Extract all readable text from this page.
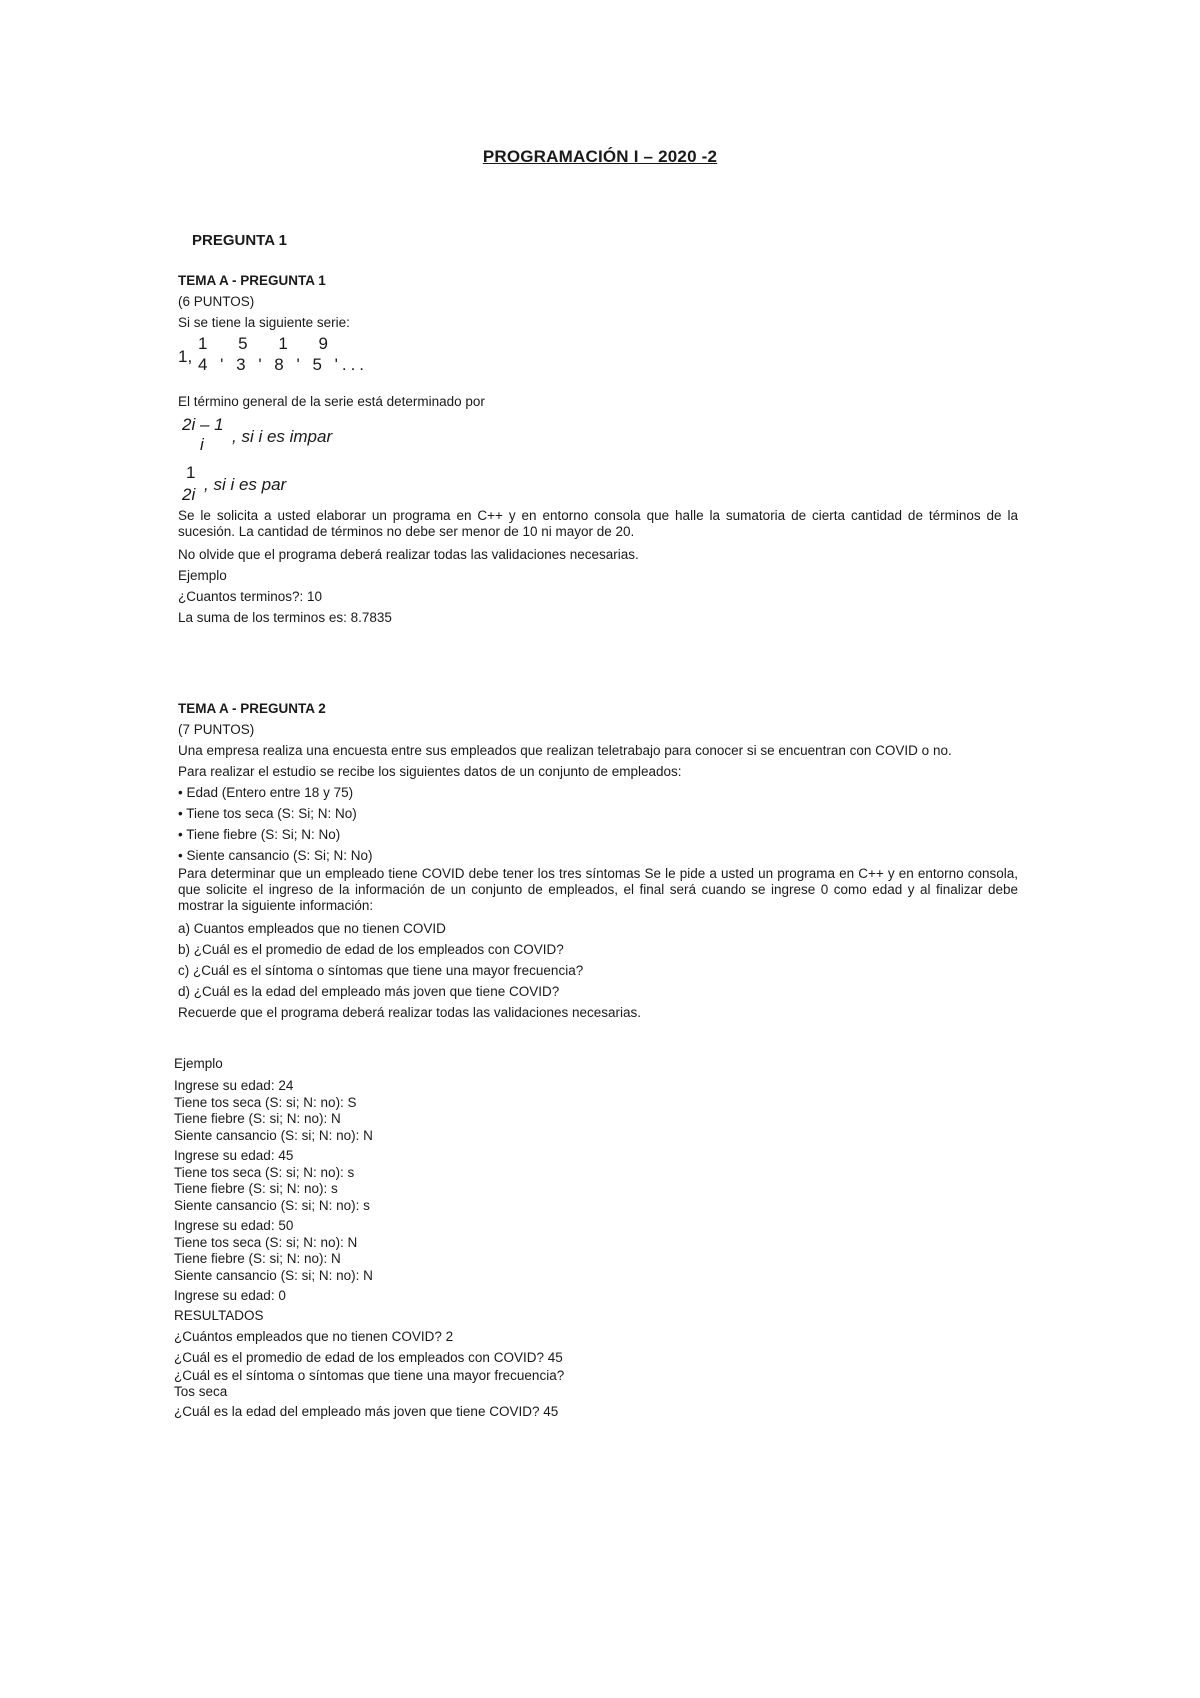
PROGRAMACIÓN I – 2020 -2
PREGUNTA 1

TEMA A - PREGUNTA 1

(6 PUNTOS)

Si se tiene la siguiente serie:

1,
1 5 1 9
4 ' 3 ' 8 ' 5 '...

El término general de la serie está determinado por

2i – 1
i , si i es impar
1
2i
, si i es par

Se le solicita a usted elaborar un programa en C++ y en entorno consola que halle la sumatoria de cierta cantidad de términos de la sucesión. La cantidad de términos no debe ser menor de 10 ni mayor de 20.

No olvide que el programa deberá realizar todas las validaciones necesarias.

Ejemplo

¿Cuantos terminos?: 10

La suma de los terminos es: 8.7835

TEMA A - PREGUNTA 2

(7 PUNTOS)

Una empresa realiza una encuesta entre sus empleados que realizan teletrabajo para conocer si se encuentran con COVID o no.

Para realizar el estudio se recibe los siguientes datos de un conjunto de empleados:

• Edad (Entero entre 18 y 75)

• Tiene tos seca (S: Si; N: No)

• Tiene fiebre (S: Si; N: No)

• Siente cansancio (S: Si; N: No)

Para determinar que un empleado tiene COVID debe tener los tres síntomas Se le pide a usted un programa en C++ y en entorno consola, que solicite el ingreso de la información de un conjunto de empleados, el final será cuando se ingrese 0 como edad y al finalizar debe mostrar la siguiente información:

a) Cuantos empleados que no tienen COVID

b) ¿Cuál es el promedio de edad de los empleados con COVID?

c) ¿Cuál es el síntoma o síntomas que tiene una mayor frecuencia?

d) ¿Cuál es la edad del empleado más joven que tiene COVID?

Recuerde que el programa deberá realizar todas las validaciones necesarias.

Ejemplo

Ingrese su edad: 24

Tiene tos seca (S: si; N: no): S

Tiene fiebre (S: si; N: no): N

Siente cansancio (S: si; N: no): N

Ingrese su edad: 45

Tiene tos seca (S: si; N: no): s

Tiene fiebre (S: si; N: no): s

Siente cansancio (S: si; N: no): s

Ingrese su edad: 50

Tiene tos seca (S: si; N: no): N

Tiene fiebre (S: si; N: no): N

Siente cansancio (S: si; N: no): N

Ingrese su edad: 0

RESULTADOS

¿Cuántos empleados que no tienen COVID? 2

¿Cuál es el promedio de edad de los empleados con COVID? 45

¿Cuál es el síntoma o síntomas que tiene una mayor frecuencia?

Tos seca

¿Cuál es la edad del empleado más joven que tiene COVID? 45
